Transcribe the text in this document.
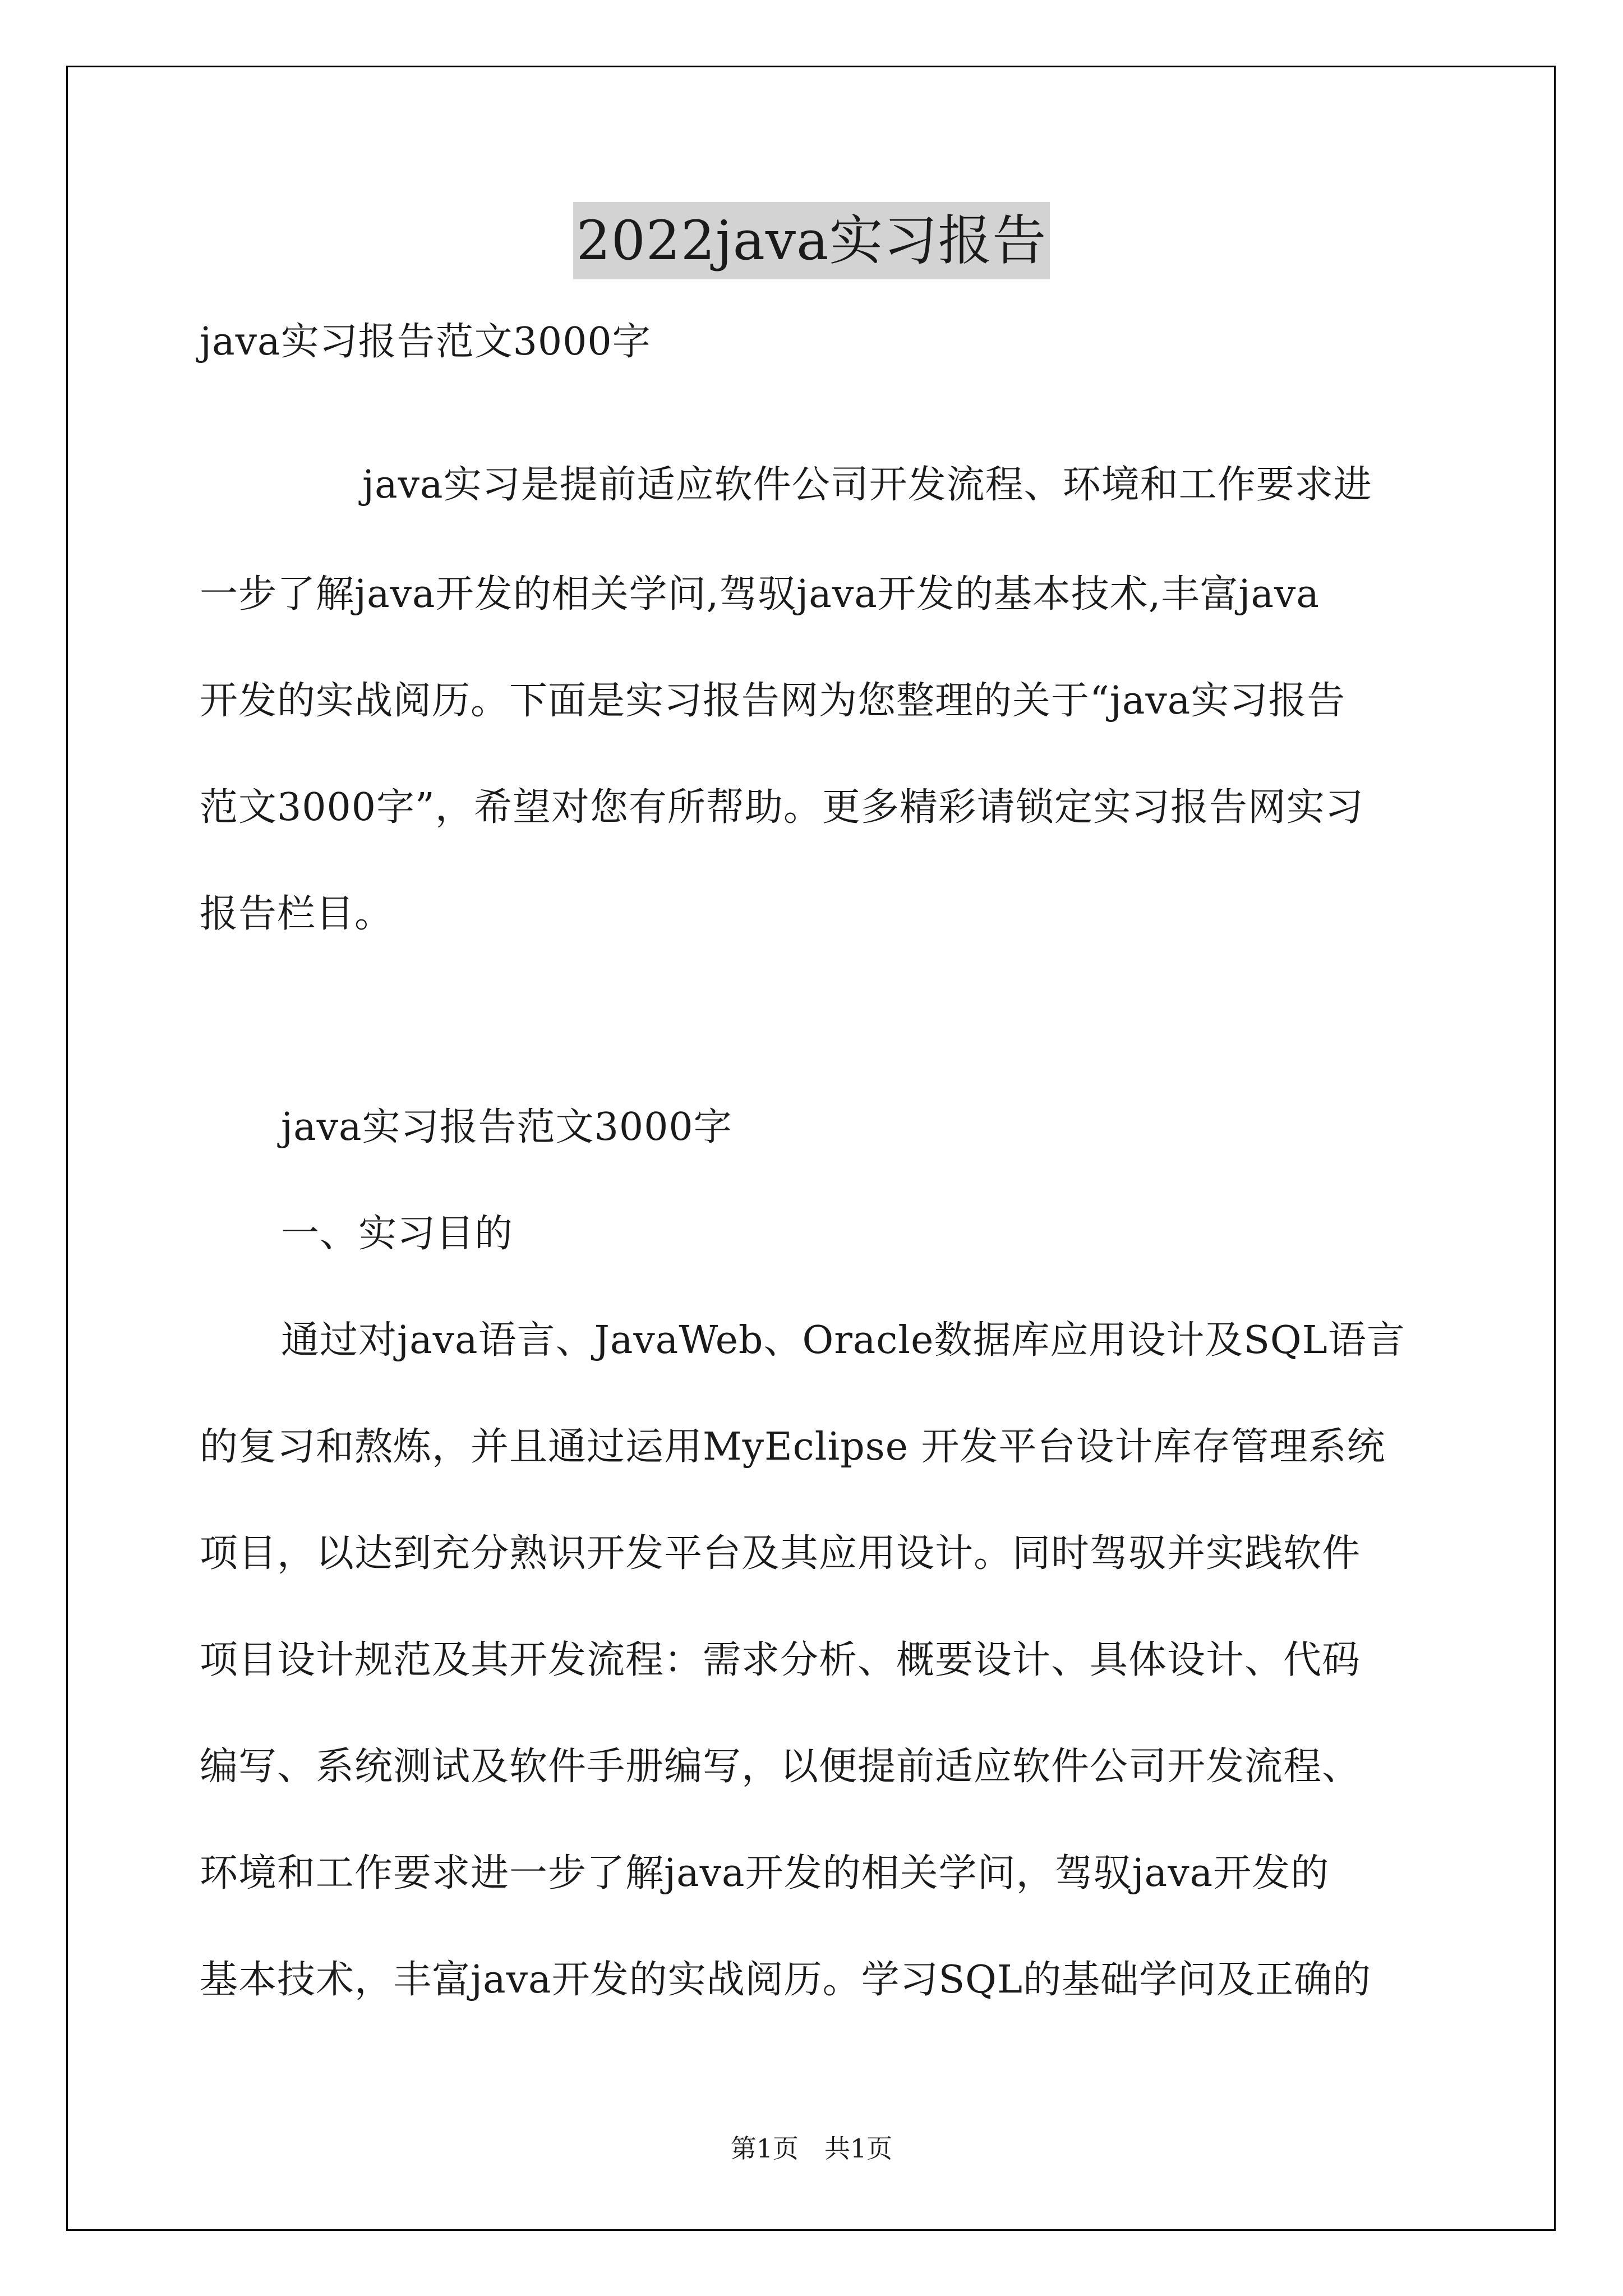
2022java实习报告
java实习报告范文3000字
java实习是提前适应软件公司开发流程、环境和工作要求进
一步了解java开发的相关学问,驾驭java开发的基本技术,丰富java
开发的实战阅历。下面是实习报告网为您整理的关于“java实习报告
范文3000字”，希望对您有所帮助。更多精彩请锁定实习报告网实习
报告栏目。
java实习报告范文3000字
一、实习目的
通过对java语言、JavaWeb、Oracle数据库应用设计及SQL语言
的复习和熬炼，并且通过运用MyEclipse 开发平台设计库存管理系统
项目，以达到充分熟识开发平台及其应用设计。同时驾驭并实践软件
项目设计规范及其开发流程：需求分析、概要设计、具体设计、代码
编写、系统测试及软件手册编写，以便提前适应软件公司开发流程、
环境和工作要求进一步了解java开发的相关学问，驾驭java开发的
基本技术，丰富java开发的实战阅历。学习SQL的基础学问及正确的
第1页　共1页
